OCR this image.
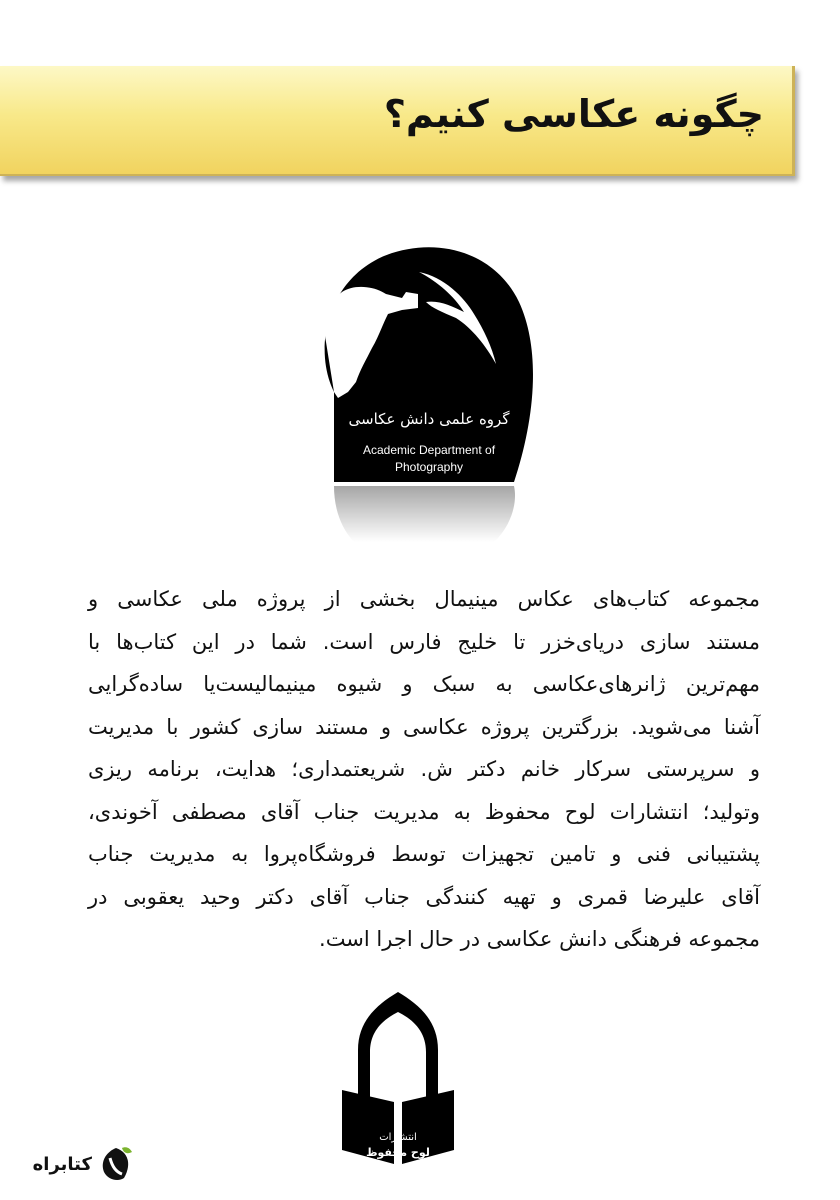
چگونه عکاسی کنیم؟
گروه علمی دانش عکاسی
Academic Department of
Photography
مجموعه کتاب‌های عکاس مینیمال بخشی از پروژه ملی عکاسی و
مستند سازی دریای‌خزر تا خلیج فارس است. شما در این کتاب‌ها با
مهم‌ترین ژانرهای‌عکاسی به سبک و شیوه مینیمالیست‌یا ساده‌گرایی
آشنا می‌شوید. بزرگترین پروژه عکاسی و مستند سازی کشور با مدیریت
و سرپرستی سرکار خانم دکتر ش. شریعتمداری؛ هدایت، برنامه ریزی
وتولید؛ انتشارات لوح محفوظ به مدیریت جناب آقای مصطفی آخوندی،
پشتیبانی فنی و تامین تجهیزات توسط فروشگاه‌پروا به مدیریت جناب
آقای علیرضا قمری و تهیه کنندگی جناب آقای دکتر وحید یعقوبی در
مجموعه فرهنگی دانش عکاسی در حال اجرا است.
انتشارات
لوح محفوظ
کتابراه
